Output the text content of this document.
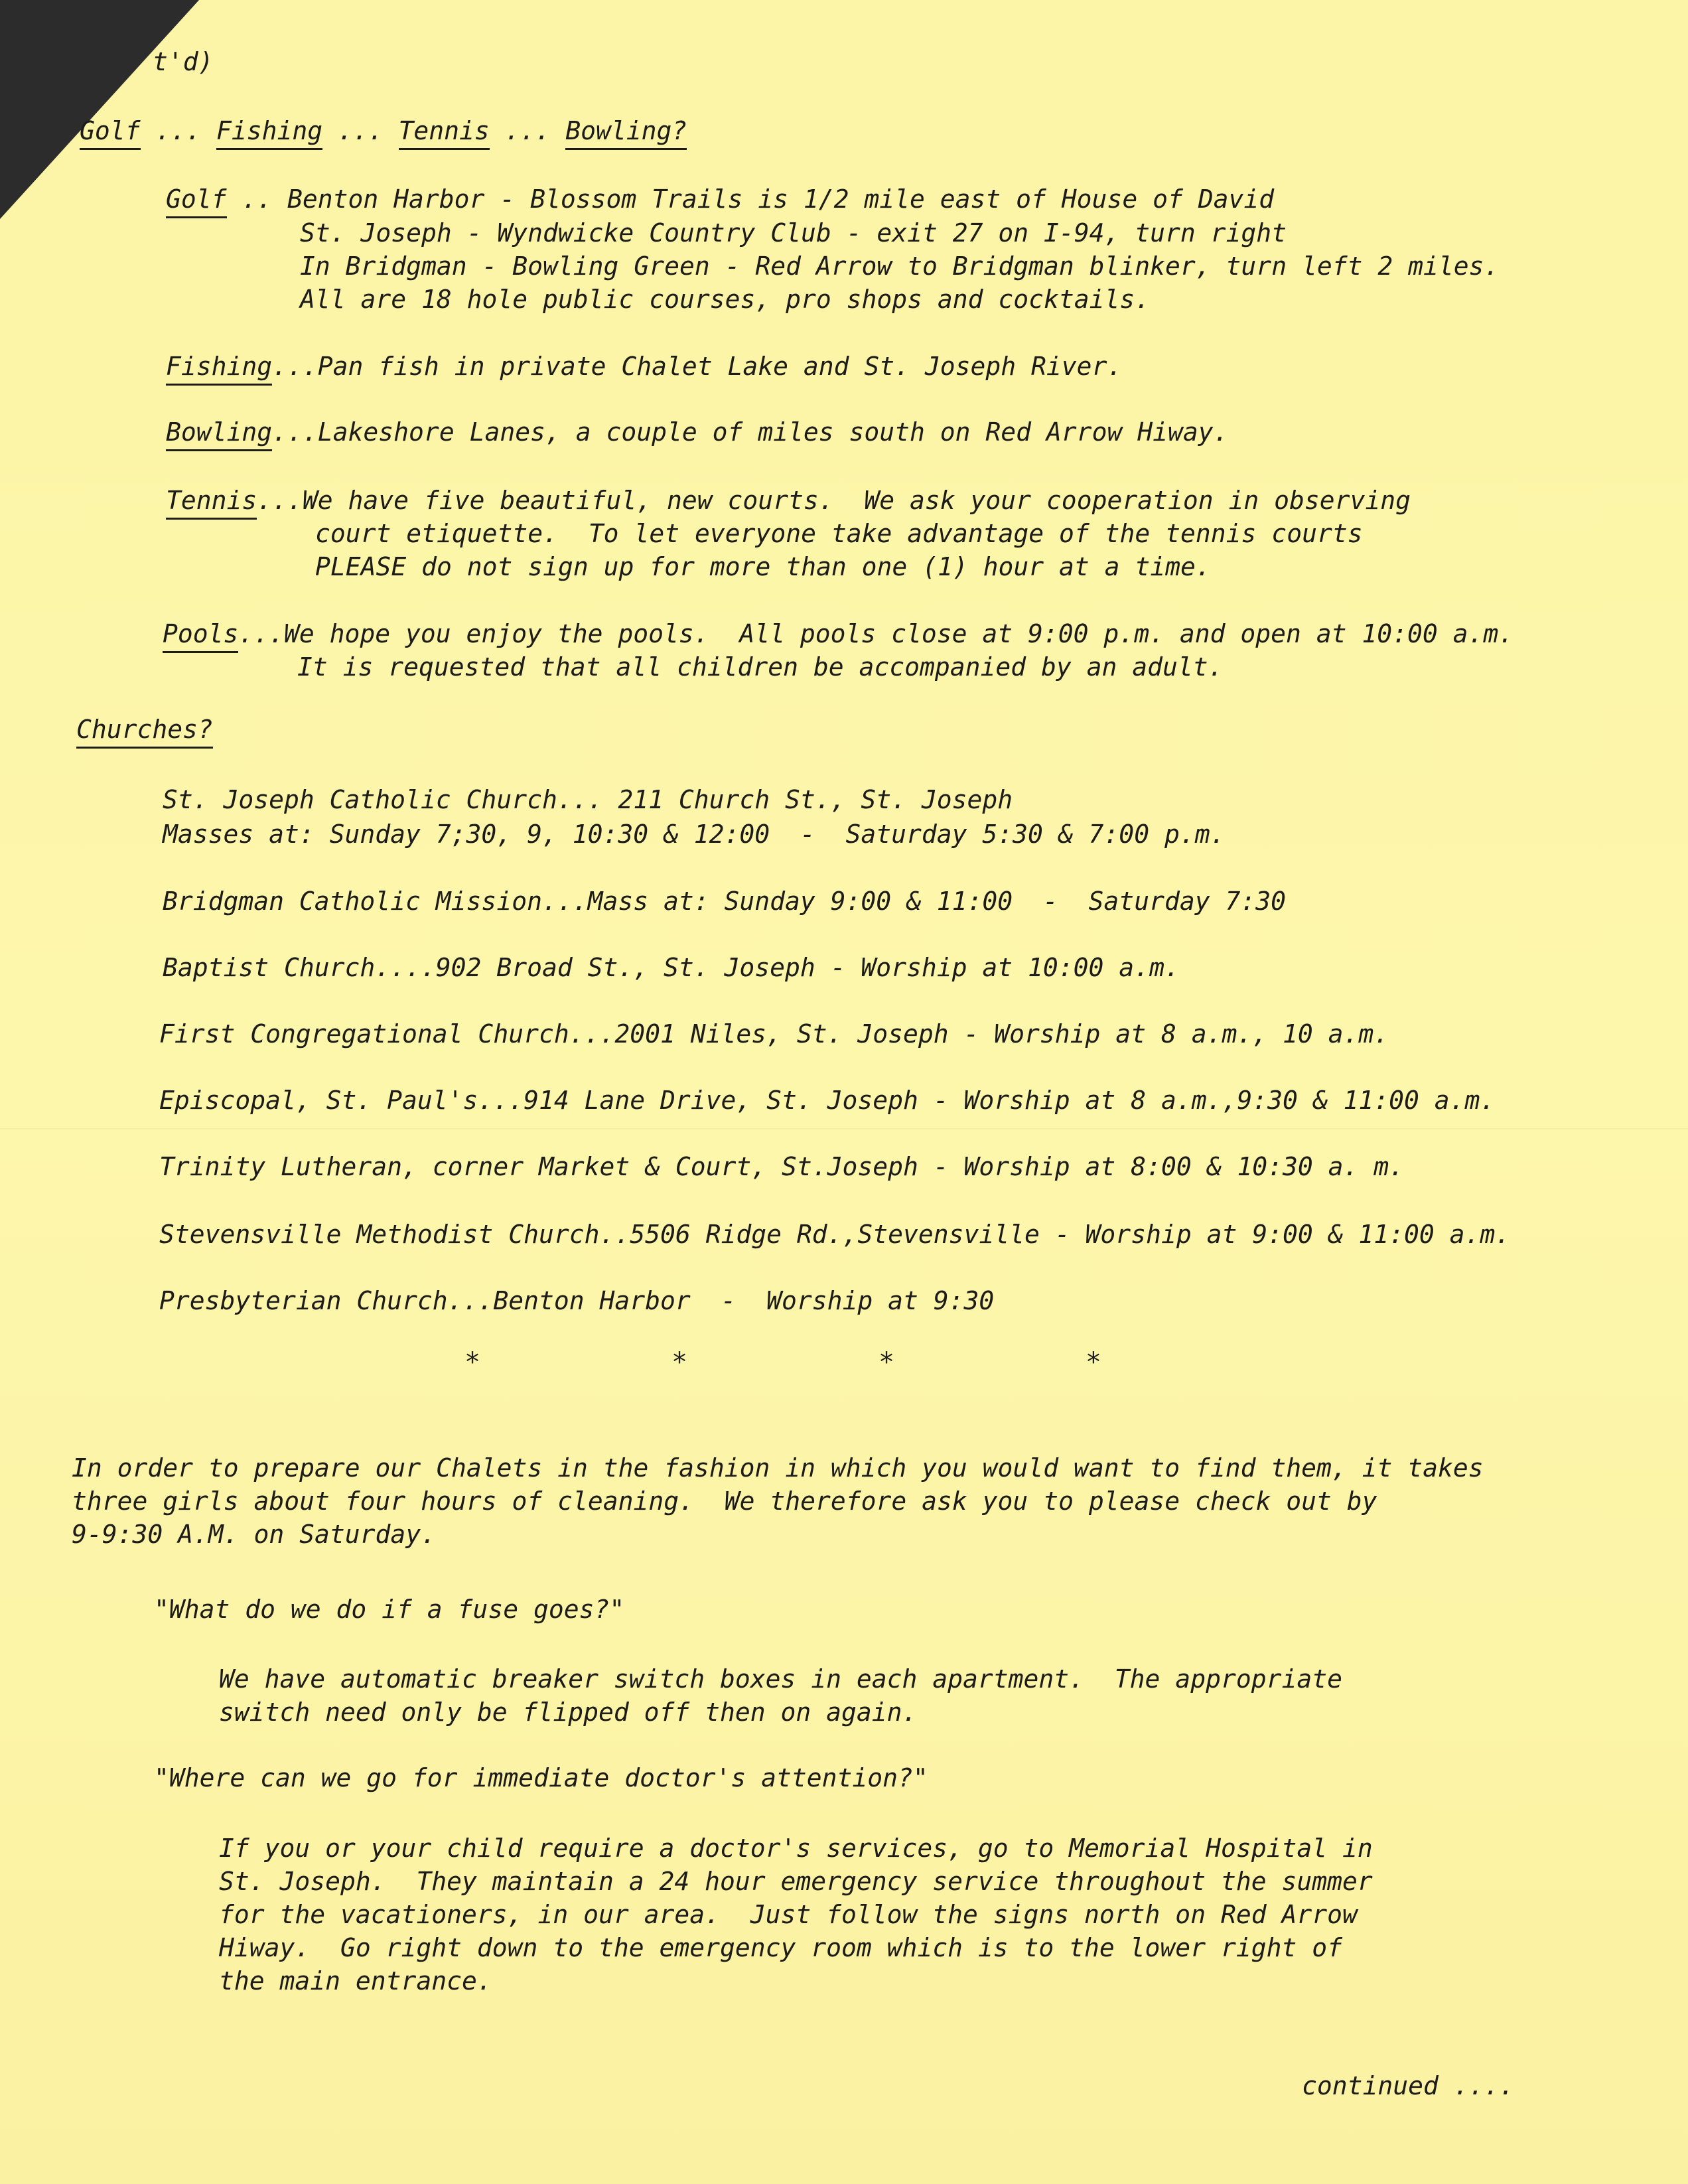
t'd)
Golf ... Fishing ... Tennis ... Bowling?
Golf .. Benton Harbor - Blossom Trails is 1/2 mile east of House of David
St. Joseph - Wyndwicke Country Club - exit 27 on I-94, turn right
In Bridgman - Bowling Green - Red Arrow to Bridgman blinker, turn left 2 miles.
All are 18 hole public courses, pro shops and cocktails.
Fishing...Pan fish in private Chalet Lake and St. Joseph River.
Bowling...Lakeshore Lanes, a couple of miles south on Red Arrow Hiway.
Tennis...We have five beautiful, new courts.  We ask your cooperation in observing
court etiquette.  To let everyone take advantage of the tennis courts
PLEASE do not sign up for more than one (1) hour at a time.
Pools...We hope you enjoy the pools.  All pools close at 9:00 p.m. and open at 10:00 a.m.
It is requested that all children be accompanied by an adult.
Churches?
St. Joseph Catholic Church... 211 Church St., St. Joseph
Masses at: Sunday 7;30, 9, 10:30 & 12:00  -  Saturday 5:30 & 7:00 p.m.
Bridgman Catholic Mission...Mass at: Sunday 9:00 & 11:00  -  Saturday 7:30
Baptist Church....902 Broad St., St. Joseph - Worship at 10:00 a.m.
First Congregational Church...2001 Niles, St. Joseph - Worship at 8 a.m., 10 a.m.
Episcopal, St. Paul's...914 Lane Drive, St. Joseph - Worship at 8 a.m.,9:30 & 11:00 a.m.
Trinity Lutheran, corner Market & Court, St.Joseph - Worship at 8:00 & 10:30 a. m.
Stevensville Methodist Church..5506 Ridge Rd.,Stevensville - Worship at 9:00 & 11:00 a.m.
Presbyterian Church...Benton Harbor  -  Worship at 9:30
*	*	*	*
In order to prepare our Chalets in the fashion in which you would want to find them, it takes
three girls about four hours of cleaning.  We therefore ask you to please check out by
9-9:30 A.M. on Saturday.
"What do we do if a fuse goes?"
We have automatic breaker switch boxes in each apartment.  The appropriate
switch need only be flipped off then on again.
"Where can we go for immediate doctor's attention?"
If you or your child require a doctor's services, go to Memorial Hospital in
St. Joseph.  They maintain a 24 hour emergency service throughout the summer
for the vacationers, in our area.  Just follow the signs north on Red Arrow
Hiway.  Go right down to the emergency room which is to the lower right of
the main entrance.
continued ....
